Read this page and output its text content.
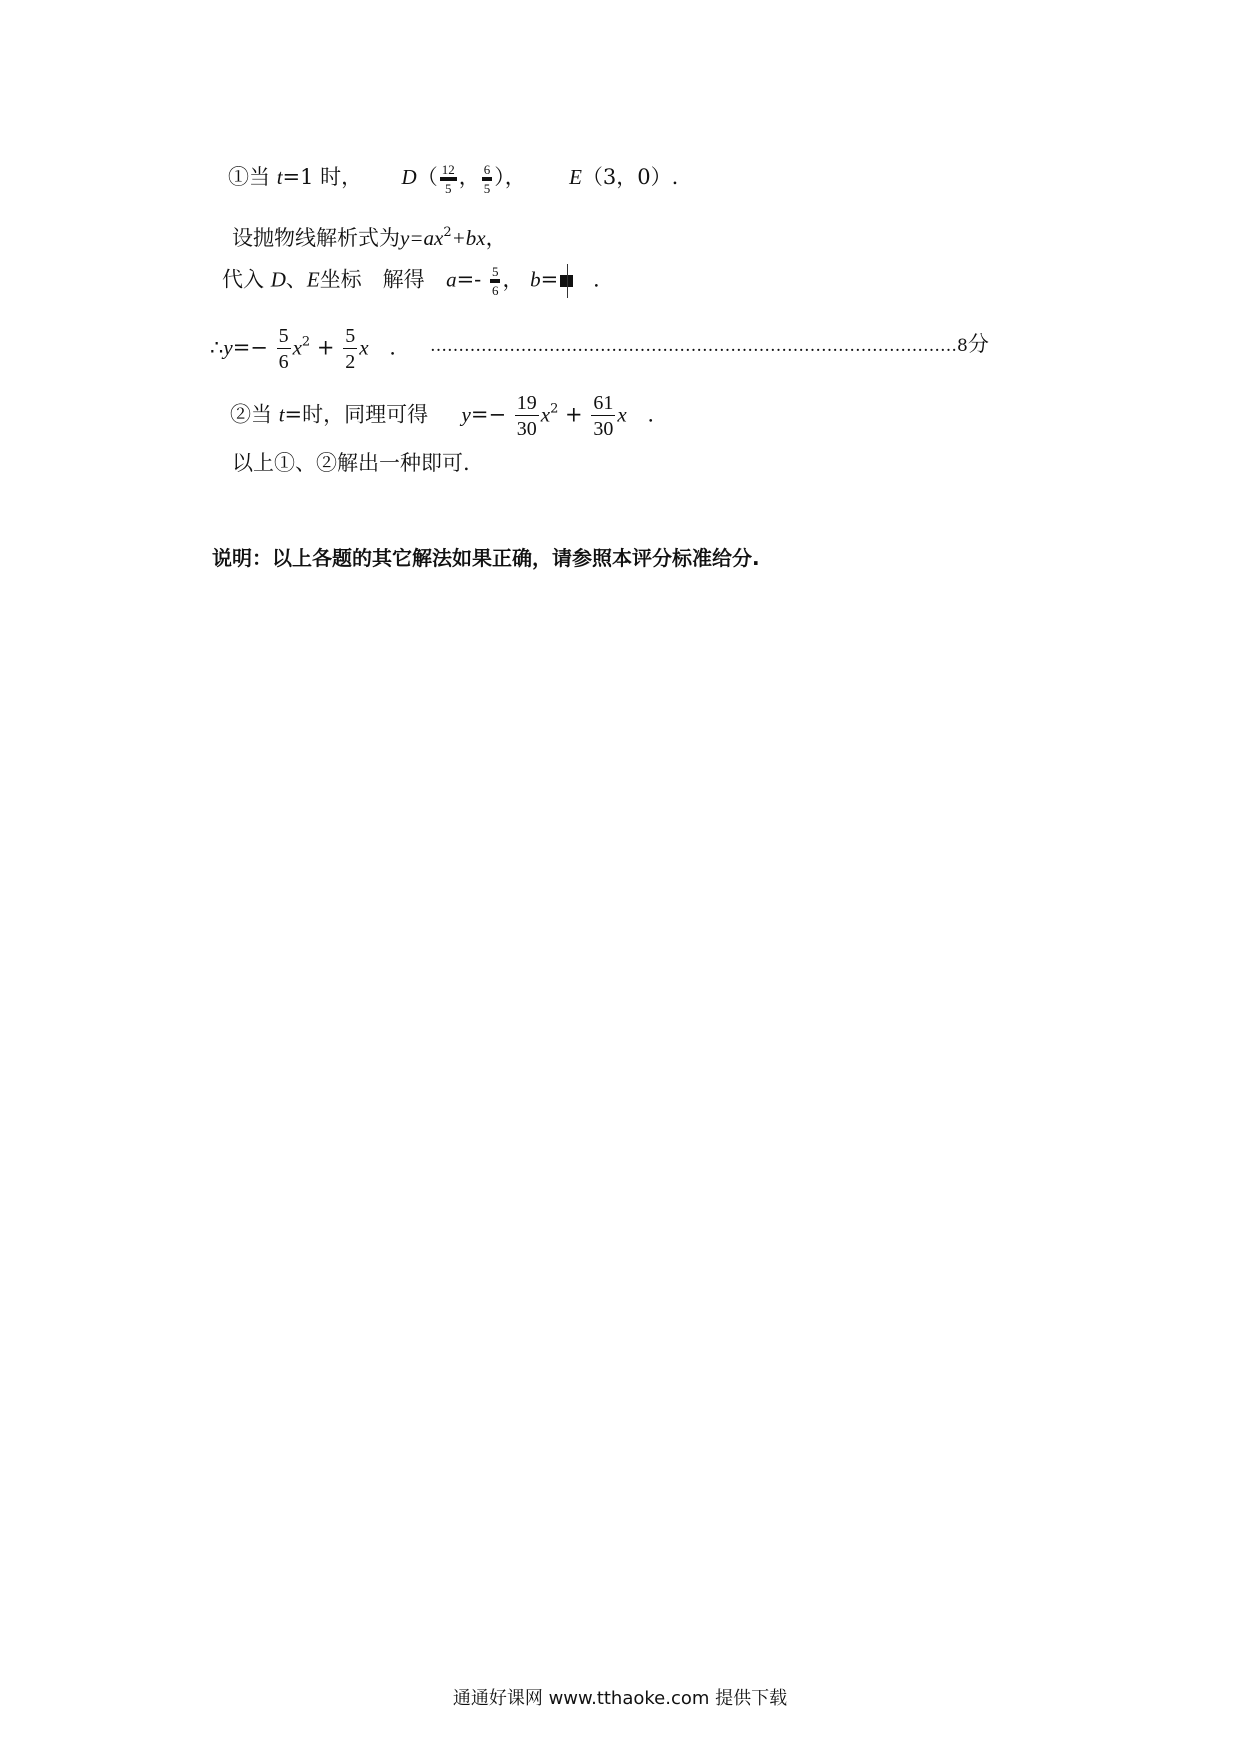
①当 t=1 时， $D( \frac{12}{5}$ ， $\frac{6}{5}$ ）， E（3，0）.
设抛物线解析式为$y=ax^2+bx$，
代入 D、E坐标　解得 $a=- \frac{5}{6}$ ， b= .
∴y=− $\frac{5}{6} x^2 + \frac{5}{2}$ x . …………………………………………………………………………………8分
②当 t=时，同理可得 $y=- \frac{19}{30} x^2 + \frac{61}{30}$ x .
以上①、②解出一种即可.
说明：以上各题的其它解法如果正确，请参照本评分标准给分.
通通好课网 www.tthaoke.com 提供下载
